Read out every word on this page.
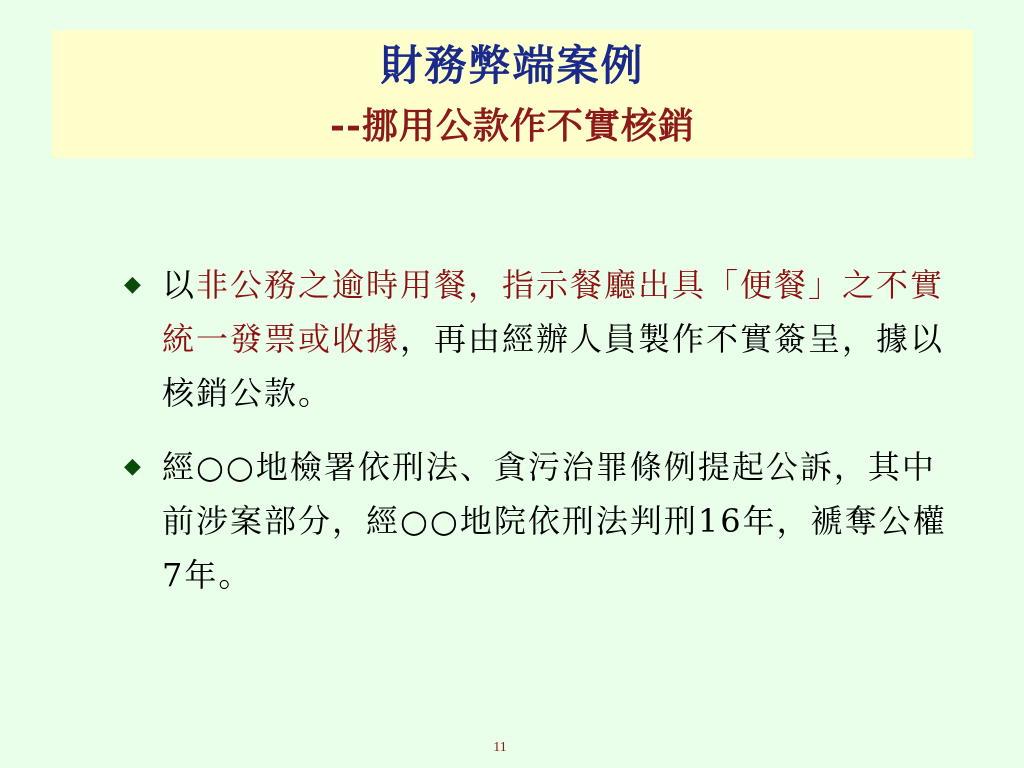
財務弊端案例
--挪用公款作不實核銷
◆ 以非公務之逾時用餐，指示餐廳出具「便餐」之不實統一發票或收據，再由經辦人員製作不實簽呈，據以核銷公款。
◆ 經○○地檢署依刑法、貪污治罪條例提起公訴，其中前涉案部分，經○○地院依刑法判刑16年，褫奪公權7年。
11
